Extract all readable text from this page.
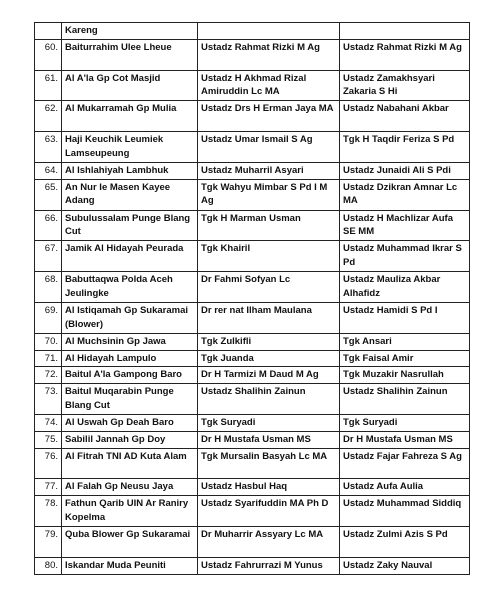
	Kareng		
60.	Baiturrahim Ulee Lheue	Ustadz Rahmat Rizki M Ag	Ustadz Rahmat Rizki M Ag
61.	Al A'la Gp Cot Masjid	Ustadz H Akhmad Rizal Amiruddin Lc MA	Ustadz Zamakhsyari Zakaria S Hi
62.	Al Mukarramah Gp Mulia	Ustadz Drs H Erman Jaya MA	Ustadz Nabahani Akbar
63.	Haji Keuchik Leumiek Lamseupeung	Ustadz Umar Ismail S Ag	Tgk H Taqdir Feriza S Pd
64.	Al Ishlahiyah Lambhuk	Ustadz Muharril Asyari	Ustadz Junaidi Ali S Pdi
65.	An Nur Ie Masen Kayee Adang	Tgk Wahyu Mimbar S Pd I M Ag	Ustadz Dzikran Amnar Lc MA
66.	Subulussalam Punge Blang Cut	Tgk H Marman Usman	Ustadz H Machlizar Aufa SE MM
67.	Jamik Al Hidayah Peurada	Tgk Khairil	Ustadz Muhammad Ikrar S Pd
68.	Babuttaqwa Polda Aceh Jeulingke	Dr Fahmi Sofyan Lc	Ustadz Mauliza Akbar Alhafidz
69.	Al Istiqamah Gp Sukaramai (Blower)	Dr rer nat Ilham Maulana	Ustadz Hamidi S Pd I
70.	Al Muchsinin Gp Jawa	Tgk Zulkifli	Tgk Ansari
71.	Al Hidayah Lampulo	Tgk Juanda	Tgk Faisal Amir
72.	Baitul A'la Gampong Baro	Dr H Tarmizi M Daud M Ag	Tgk Muzakir Nasrullah
73.	Baitul Muqarabin Punge Blang Cut	Ustadz Shalihin Zainun	Ustadz Shalihin Zainun
74.	Al Uswah Gp Deah Baro	Tgk Suryadi	Tgk Suryadi
75.	Sabilil Jannah Gp Doy	Dr H Mustafa Usman MS	Dr H Mustafa Usman MS
76.	Al Fitrah TNI AD Kuta Alam	Tgk Mursalin Basyah Lc MA	Ustadz Fajar Fahreza S Ag
77.	Al Falah Gp Neusu Jaya	Ustadz Hasbul Haq	Ustadz Aufa Aulia
78.	Fathun Qarib UIN Ar Raniry Kopelma	Ustadz Syarifuddin MA Ph D	Ustadz Muhammad Siddiq
79.	Quba Blower Gp Sukaramai	Dr Muharrir Assyary Lc MA	Ustadz Zulmi Azis S Pd
80.	Iskandar Muda Peuniti	Ustadz Fahrurrazi M Yunus	Ustadz Zaky Nauval
